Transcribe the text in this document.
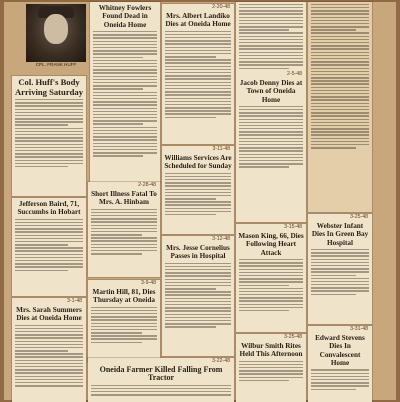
CPL. FRANK HUFF
Whitney Fowlers Found Dead in Oneida Home
Col. Huff's Body Arriving Saturday
2-20-48
Mrs. Albert Landiko Dies at Oneida Home
2-5-48
Jacob Denny Dies at Town of Oneida Home
2-28-48
Short Illness Fatal To Mrs. A. Hinbam
Jefferson Baird, 71, Succumbs in Hobart
3-11-48
Williams Services Are Scheduled for Sunday
3-12-48
Mrs. Jesse Cornelius Passes in Hospital
3-15-48
Mason King, 66, Dies Following Heart Attack
3-1-48
Mrs. Sarah Summers Dies at Oneida Home
3-9-48
Martin Hill, 81, Dies Thursday at Oneida
3-22-48
Oneida Farmer Killed Falling From Tractor
3-25-48
Wilbur Smith Rites Held This Afternoon
3-25-48
Webster Infant Dies In Green Bay Hospital
3-31-48
Edward Stevens Dies In Convalescent Home
